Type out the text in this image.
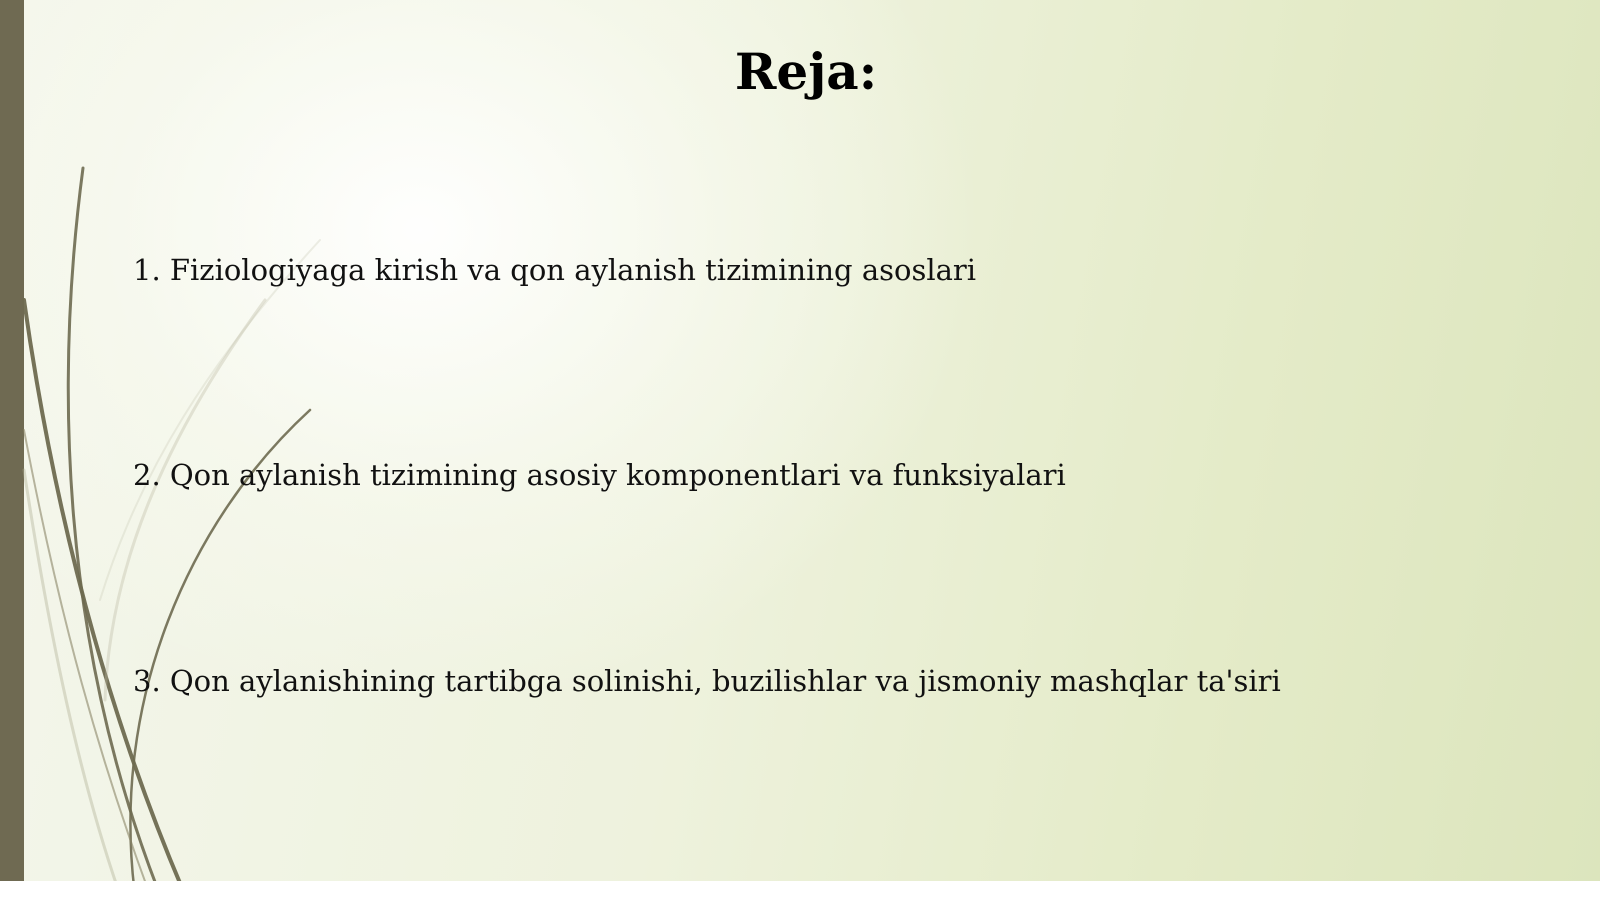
Reja:

1. Fiziologiyaga kirish va qon aylanish tizimining asoslari

2. Qon aylanish tizimining asosiy komponentlari va funksiyalari

3. Qon aylanishining tartibga solinishi, buzilishlar va jismoniy mashqlar ta'siri
